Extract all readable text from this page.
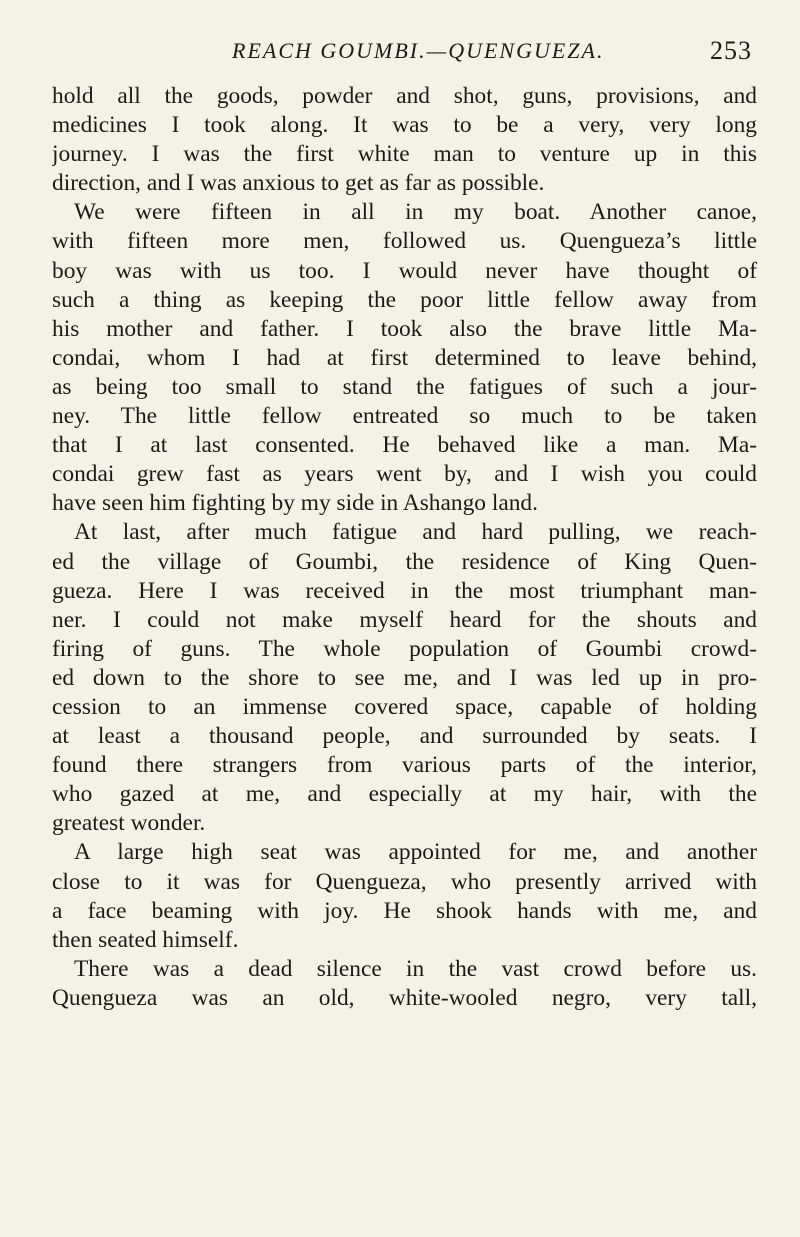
REACH GOUMBI.—QUENGUEZA.	253
hold all the goods, powder and shot, guns, provisions, and
medicines I took along. It was to be a very, very long
journey. I was the first white man to venture up in this
direction, and I was anxious to get as far as possible.
We were fifteen in all in my boat. Another canoe,
with fifteen more men, followed us. Quengueza’s little
boy was with us too. I would never have thought of
such a thing as keeping the poor little fellow away from
his mother and father. I took also the brave little Ma-
condai, whom I had at first determined to leave behind,
as being too small to stand the fatigues of such a jour-
ney. The little fellow entreated so much to be taken
that I at last consented. He behaved like a man. Ma-
condai grew fast as years went by, and I wish you could
have seen him fighting by my side in Ashango land.
At last, after much fatigue and hard pulling, we reach-
ed the village of Goumbi, the residence of King Quen-
gueza. Here I was received in the most triumphant man-
ner. I could not make myself heard for the shouts and
firing of guns. The whole population of Goumbi crowd-
ed down to the shore to see me, and I was led up in pro-
cession to an immense covered space, capable of holding
at least a thousand people, and surrounded by seats. I
found there strangers from various parts of the interior,
who gazed at me, and especially at my hair, with the
greatest wonder.
A large high seat was appointed for me, and another
close to it was for Quengueza, who presently arrived with
a face beaming with joy. He shook hands with me, and
then seated himself.
There was a dead silence in the vast crowd before us.
Quengueza was an old, white-wooled negro, very tall,
